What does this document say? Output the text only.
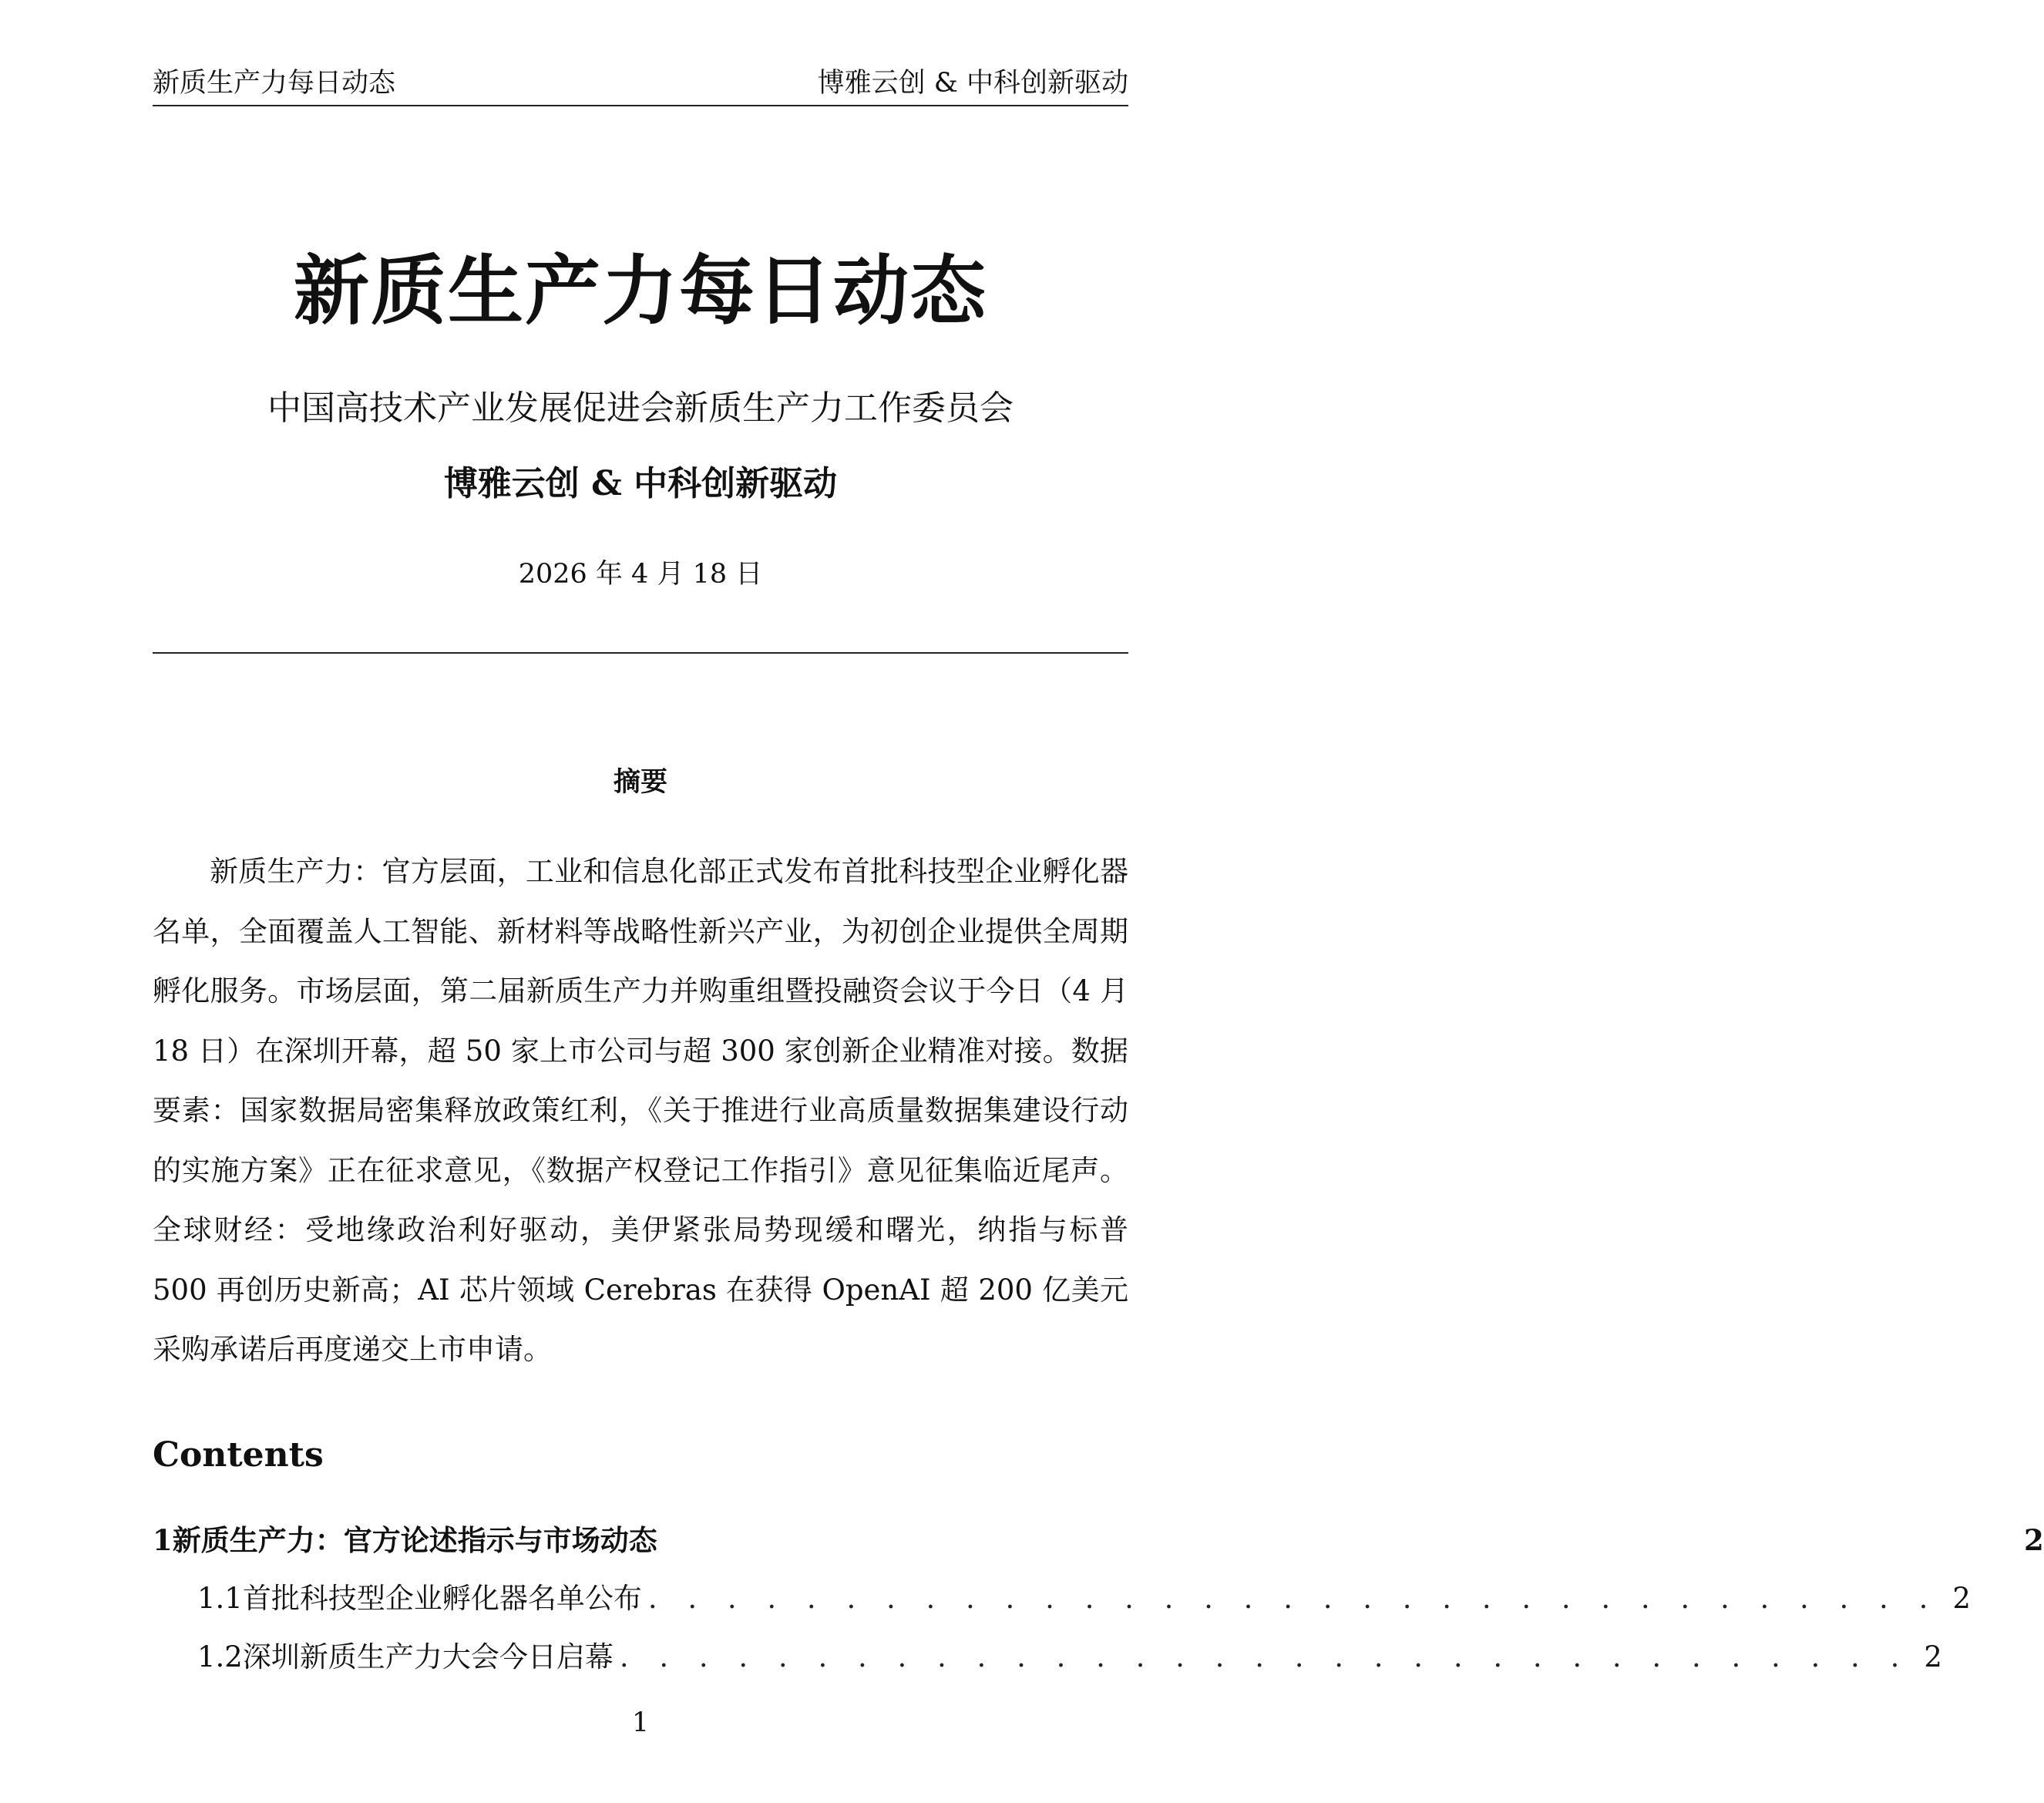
新质生产力每日动态	博雅云创 & 中科创新驱动
新质生产力每日动态
中国高技术产业发展促进会新质生产力工作委员会
博雅云创 & 中科创新驱动
2026 年 4 月 18 日
摘要

新质生产力：官方层面，工业和信息化部正式发布首批科技型企业孵化器名单，全面覆盖人工智能、新材料等战略性新兴产业，为初创企业提供全周期孵化服务。市场层面，第二届新质生产力并购重组暨投融资会议于今日（4 月 18 日）在深圳开幕，超 50 家上市公司与超 300 家创新企业精准对接。数据要素：国家数据局密集释放政策红利，《关于推进行业高质量数据集建设行动的实施方案》正在征求意见，《数据产权登记工作指引》意见征集临近尾声。全球财经：受地缘政治利好驱动，美伊紧张局势现缓和曙光，纳指与标普 500 再创历史新高；AI 芯片领域 Cerebras 在获得 OpenAI 超 200 亿美元采购承诺后再度递交上市申请。

Contents
1 新质生产力：官方论述指示与市场动态	2
1.1 首批科技型企业孵化器名单公布 . . . . . . . . . . . . . . . . . . . . . . . . . . . . . . . . . 2
1.2 深圳新质生产力大会今日启幕 . . . . . . . . . . . . . . . . . . . . . . . . . . . . . . . . . 2
1
